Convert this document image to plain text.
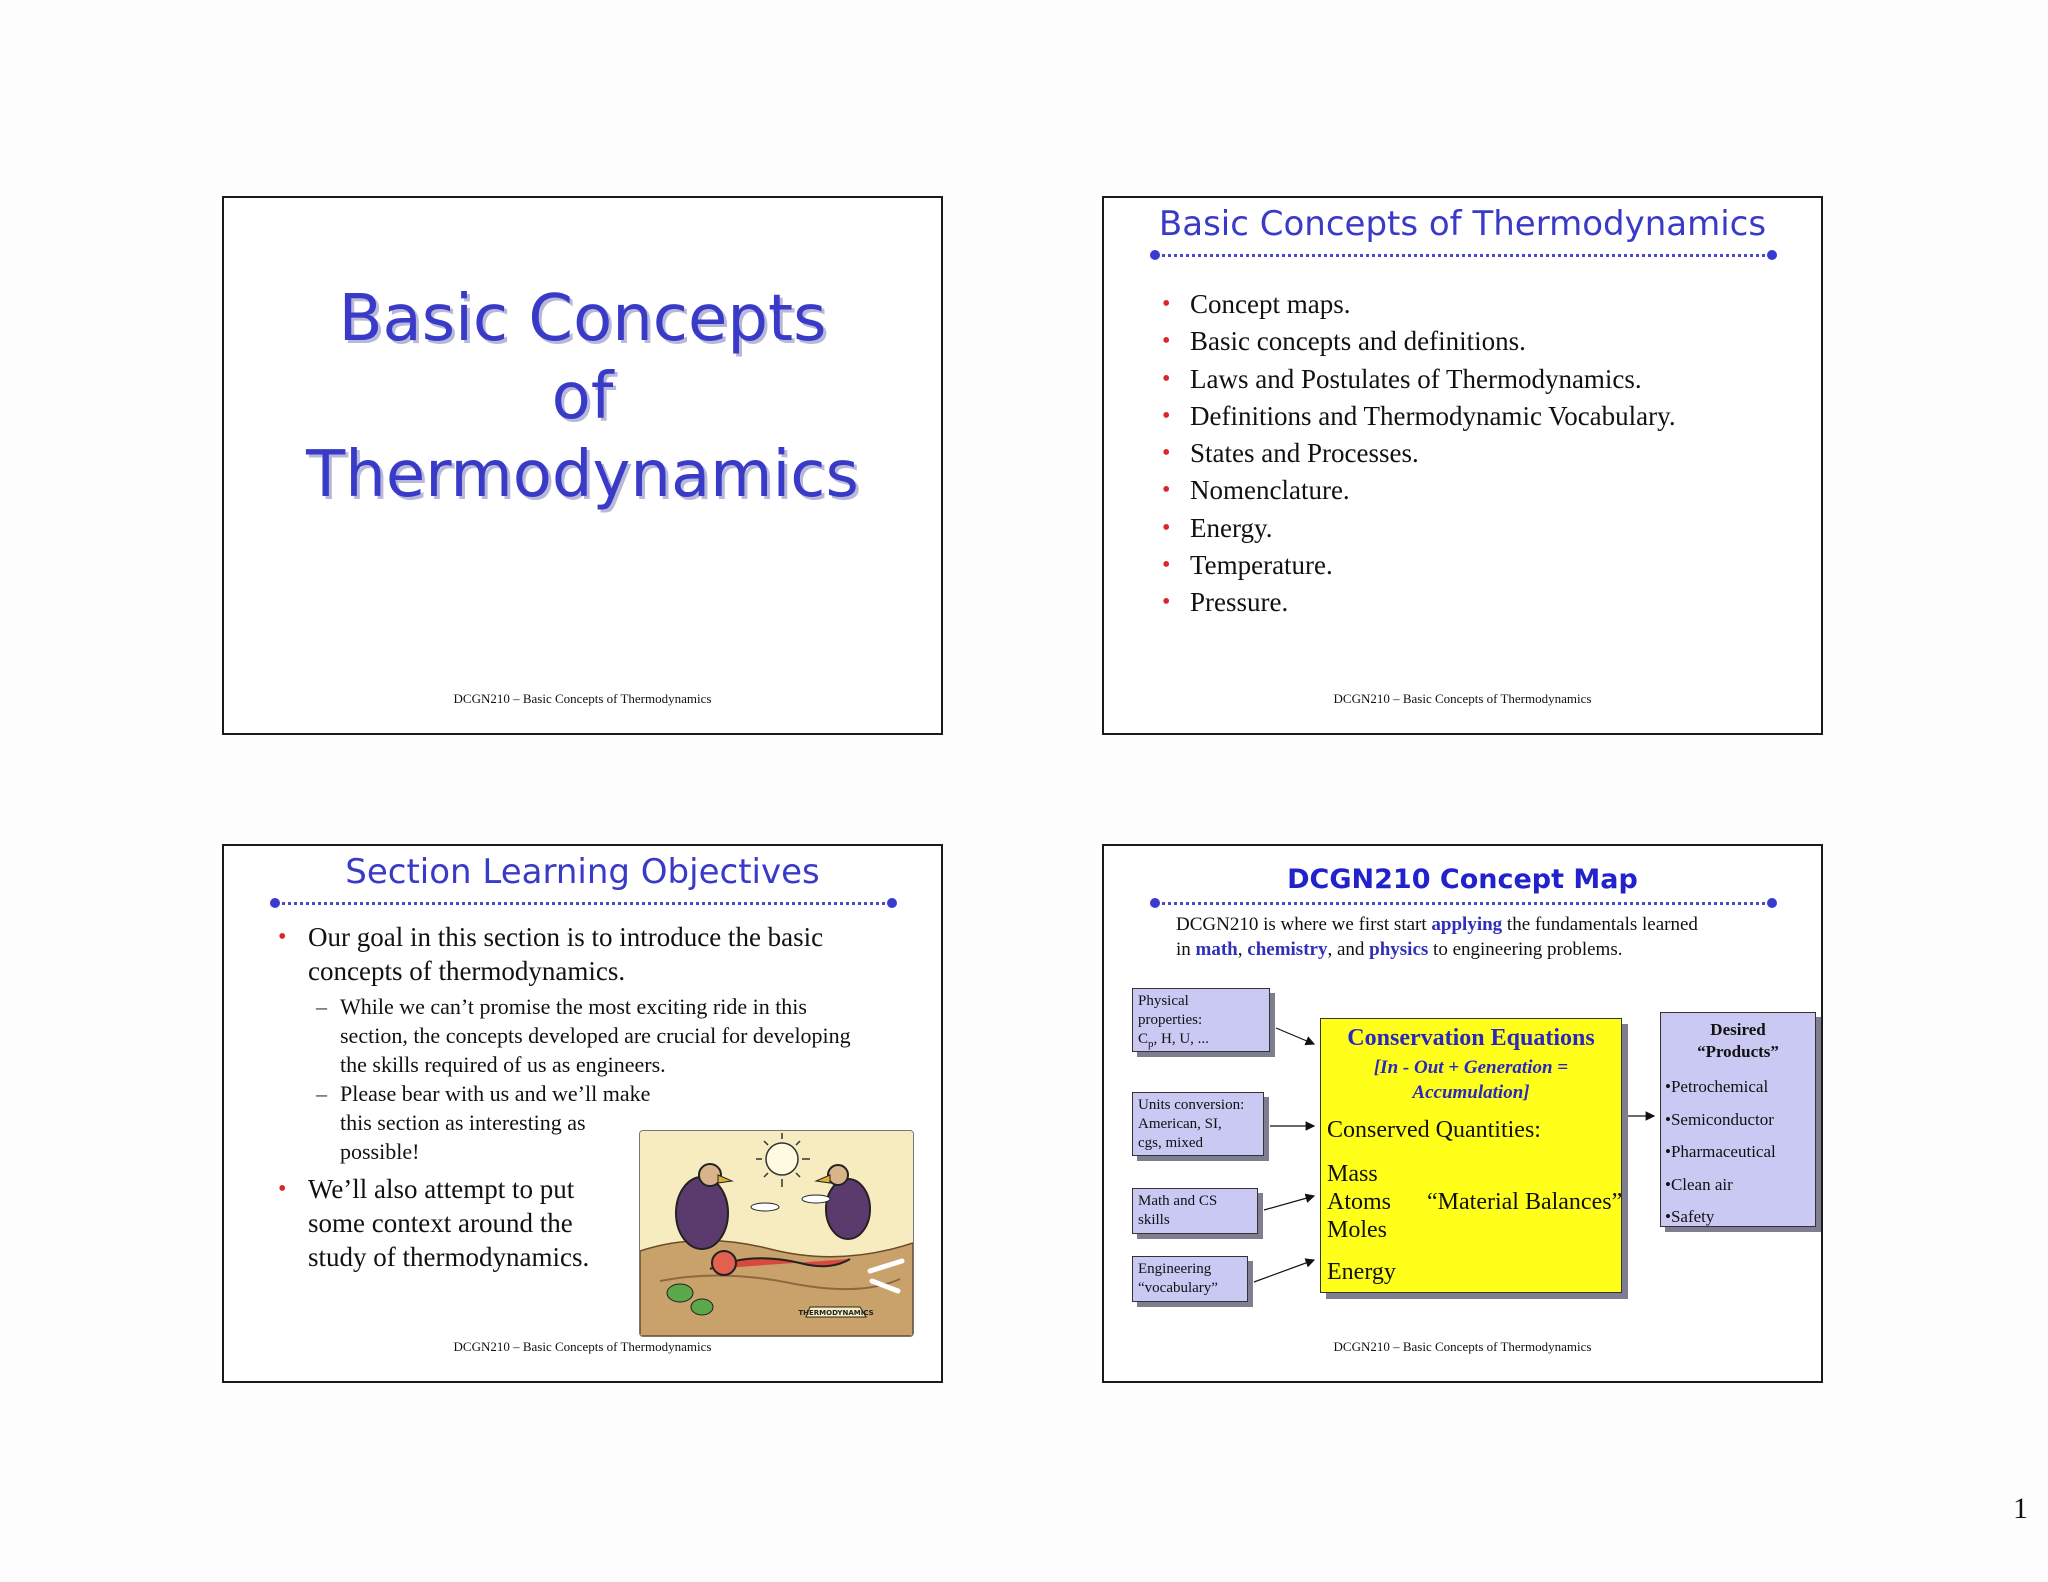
Basic Concepts
of
Thermodynamics
DCGN210 – Basic Concepts of Thermodynamics
Basic Concepts of Thermodynamics
• Concept maps.
• Basic concepts and definitions.
• Laws and Postulates of Thermodynamics.
• Definitions and Thermodynamic Vocabulary.
• States and Processes.
• Nomenclature.
• Energy.
• Temperature.
• Pressure.
DCGN210 – Basic Concepts of Thermodynamics
Section Learning Objectives
• Our goal in this section is to introduce the basic concepts of thermodynamics.
– While we can’t promise the most exciting ride in this section, the concepts developed are crucial for developing the skills required of us as engineers.
– Please bear with us and we’ll make this section as interesting as possible!
• We’ll also attempt to put some context around the study of thermodynamics.
THERMODYNAMICS
DCGN210 – Basic Concepts of Thermodynamics
DCGN210 Concept Map
DCGN210 is where we first start applying the fundamentals learned
in math, chemistry, and physics to engineering problems.
Physical
properties:
$C_p$, H, U, ...
Units conversion:
American, SI,
cgs, mixed
Math and CS
skills
Engineering
“vocabulary”
Conservation Equations
[In - Out + Generation =
Accumulation]
Conserved Quantities:
Mass
Atoms
Moles
“Material Balances”
Energy
Desired
“Products”
•Petrochemical
•Semiconductor
•Pharmaceutical
•Clean air
•Safety
DCGN210 – Basic Concepts of Thermodynamics
1
